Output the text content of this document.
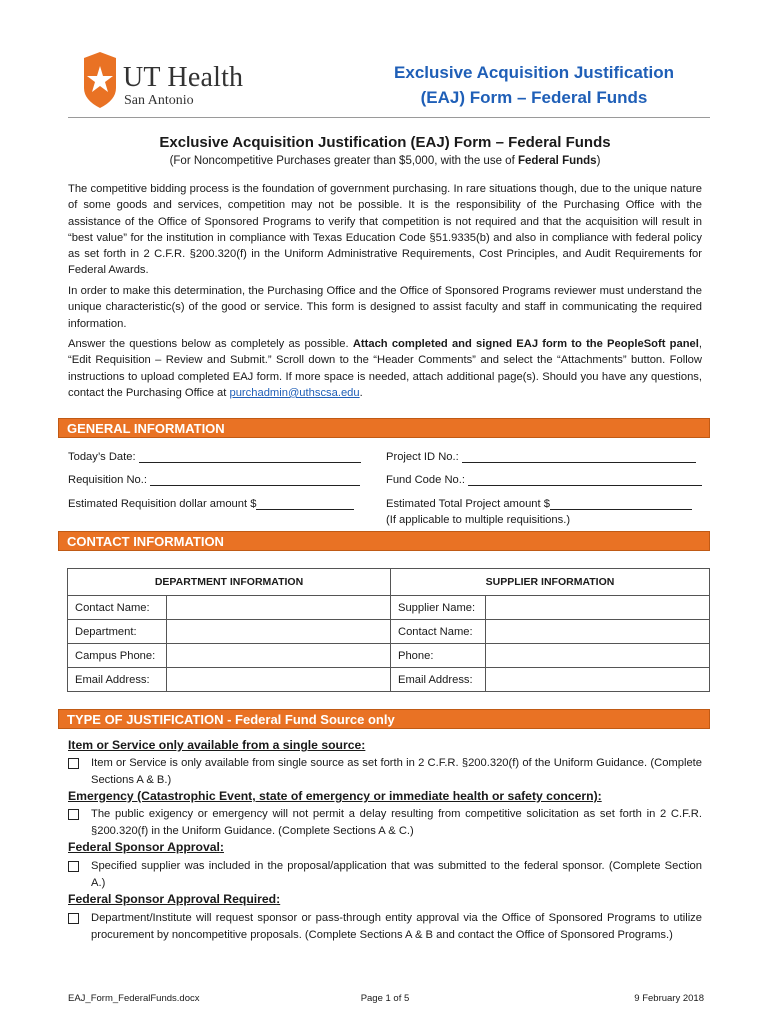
UT Health
San Antonio
Exclusive Acquisition Justification
(EAJ) Form – Federal Funds
Exclusive Acquisition Justification (EAJ) Form – Federal Funds
(For Noncompetitive Purchases greater than $5,000, with the use of Federal Funds)
The competitive bidding process is the foundation of government purchasing. In rare situations though, due to the unique nature of some goods and services, competition may not be possible. It is the responsibility of the Purchasing Office with the assistance of the Office of Sponsored Programs to verify that competition is not required and that the acquisition will result in “best value” for the institution in compliance with Texas Education Code §51.9335(b) and also in compliance with federal policy as set forth in 2 C.F.R. §200.320(f) in the Uniform Administrative Requirements, Cost Principles, and Audit Requirements for Federal Awards.
In order to make this determination, the Purchasing Office and the Office of Sponsored Programs reviewer must understand the unique characteristic(s) of the good or service. This form is designed to assist faculty and staff in communicating the required information.
Answer the questions below as completely as possible. Attach completed and signed EAJ form to the PeopleSoft panel, “Edit Requisition – Review and Submit.” Scroll down to the “Header Comments” and select the “Attachments” button. Follow instructions to upload completed EAJ form. If more space is needed, attach additional page(s). Should you have any questions, contact the Purchasing Office at purchadmin@uthscsa.edu.
GENERAL INFORMATION
Today’s Date:	Project ID No.:
Requisition No.:	Fund Code No.:
Estimated Requisition dollar amount $	Estimated Total Project amount $
(If applicable to multiple requisitions.)
CONTACT INFORMATION
DEPARTMENT INFORMATION		SUPPLIER INFORMATION	
Contact Name:		Supplier Name:	
Department:		Contact Name:	
Campus Phone:		Phone:	
Email Address:		Email Address:	
TYPE OF JUSTIFICATION - Federal Fund Source only
Item or Service only available from a single source:
Item or Service is only available from single source as set forth in 2 C.F.R. §200.320(f) of the Uniform Guidance. (Complete Sections A & B.)
Emergency (Catastrophic Event, state of emergency or immediate health or safety concern):
The public exigency or emergency will not permit a delay resulting from competitive solicitation as set forth in 2 C.F.R. §200.320(f) in the Uniform Guidance. (Complete Sections A & C.)
Federal Sponsor Approval:
Specified supplier was included in the proposal/application that was submitted to the federal sponsor. (Complete Section A.)
Federal Sponsor Approval Required:
Department/Institute will request sponsor or pass-through entity approval via the Office of Sponsored Programs to utilize procurement by noncompetitive proposals. (Complete Sections A & B and contact the Office of Sponsored Programs.)
EAJ_Form_FederalFunds.docx	Page 1 of 5	9 February 2018
